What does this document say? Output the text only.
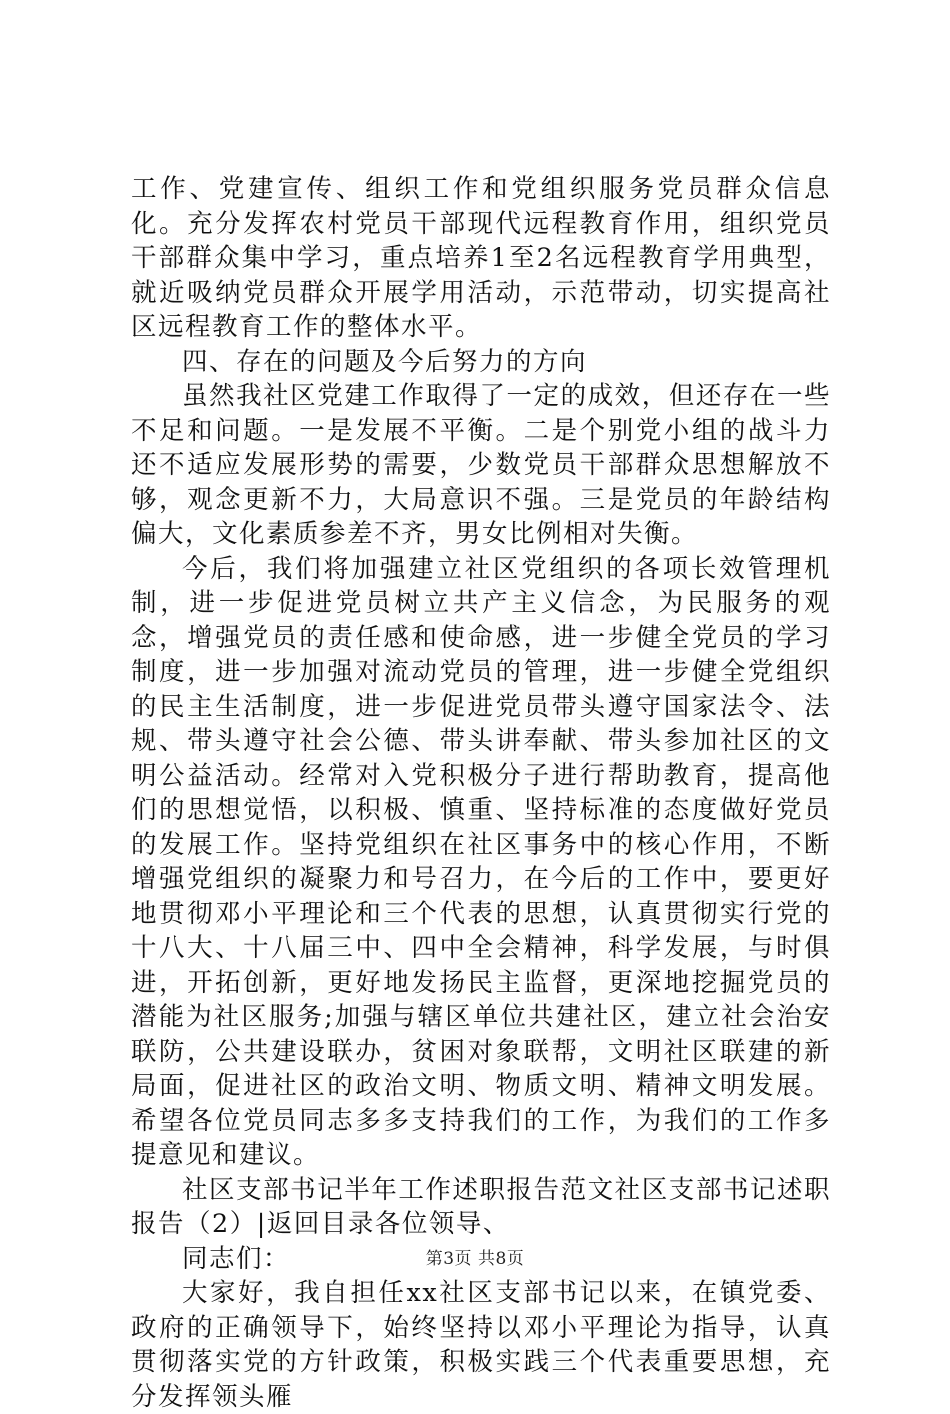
工作、党建宣传、组织工作和党组织服务党员群众信息化。充分发挥农村党员干部现代远程教育作用，组织党员干部群众集中学习，重点培养1至2名远程教育学用典型，就近吸纳党员群众开展学用活动，示范带动，切实提高社区远程教育工作的整体水平。

四、存在的问题及今后努力的方向

虽然我社区党建工作取得了一定的成效，但还存在一些不足和问题。一是发展不平衡。二是个别党小组的战斗力还不适应发展形势的需要，少数党员干部群众思想解放不够，观念更新不力，大局意识不强。三是党员的年龄结构偏大，文化素质参差不齐，男女比例相对失衡。

今后，我们将加强建立社区党组织的各项长效管理机制，进一步促进党员树立共产主义信念，为民服务的观念，增强党员的责任感和使命感，进一步健全党员的学习制度，进一步加强对流动党员的管理，进一步健全党组织的民主生活制度，进一步促进党员带头遵守国家法令、法规、带头遵守社会公德、带头讲奉献、带头参加社区的文明公益活动。经常对入党积极分子进行帮助教育，提高他们的思想觉悟，以积极、慎重、坚持标准的态度做好党员的发展工作。坚持党组织在社区事务中的核心作用，不断增强党组织的凝聚力和号召力，在今后的工作中，要更好地贯彻邓小平理论和三个代表的思想，认真贯彻实行党的十八大、十八届三中、四中全会精神，科学发展，与时俱进，开拓创新，更好地发扬民主监督，更深地挖掘党员的潜能为社区服务;加强与辖区单位共建社区，建立社会治安联防，公共建设联办，贫困对象联帮，文明社区联建的新局面，促进社区的政治文明、物质文明、精神文明发展。希望各位党员同志多多支持我们的工作，为我们的工作多提意见和建议。

社区支部书记半年工作述职报告范文社区支部书记述职报告（2）|返回目录各位领导、

同志们：

大家好，我自担任xx社区支部书记以来，在镇党委、政府的正确领导下，始终坚持以邓小平理论为指导，认真贯彻落实党的方针政策，积极实践三个代表重要思想，充分发挥领头雁

第3页 共8页
